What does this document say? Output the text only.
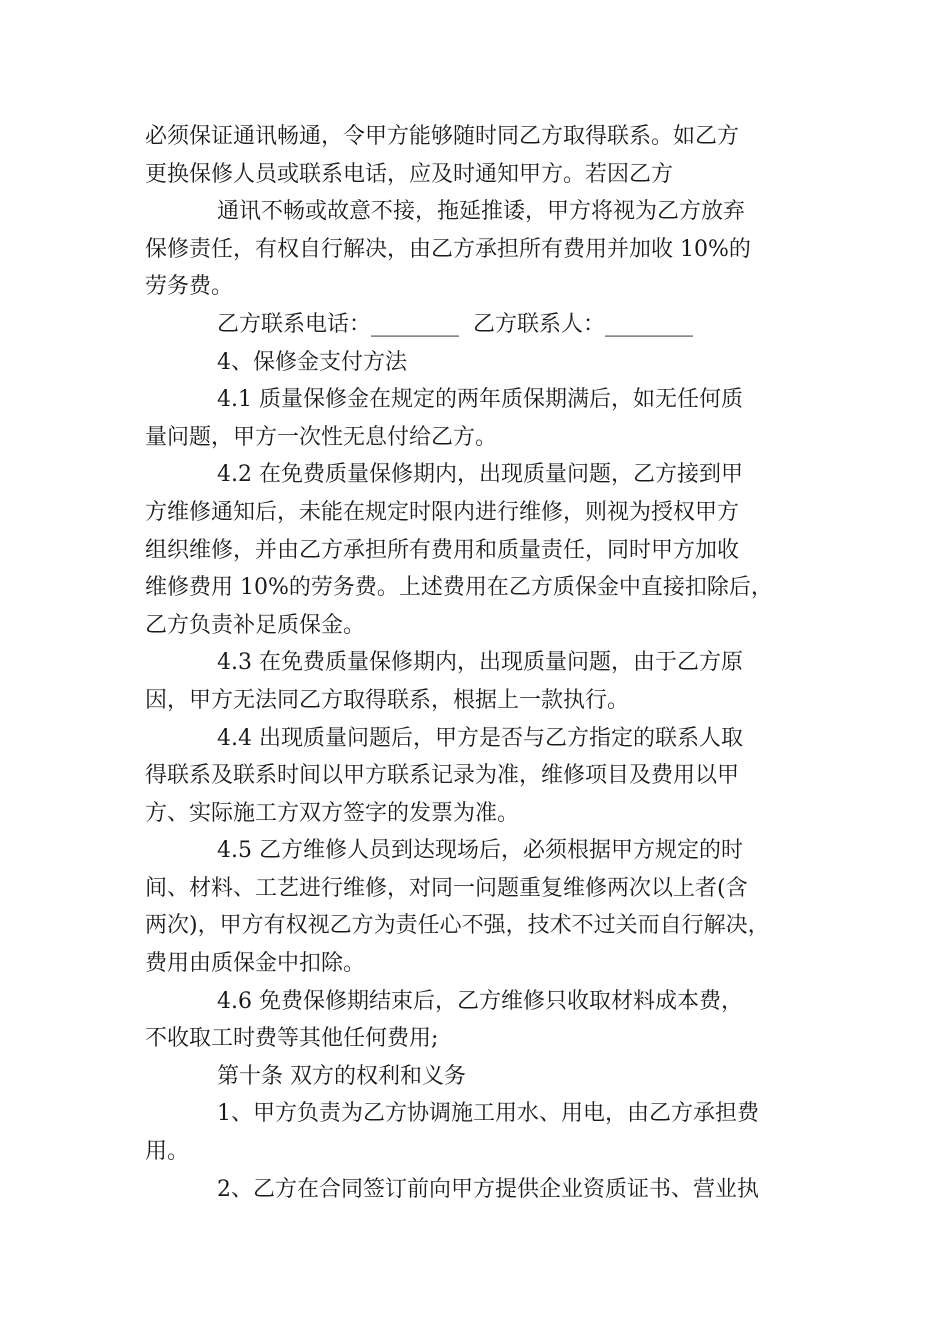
必须保证通讯畅通，令甲方能够随时同乙方取得联系。如乙方
更换保修人员或联系电话，应及时通知甲方。若因乙方
通讯不畅或故意不接，拖延推诿，甲方将视为乙方放弃
保修责任，有权自行解决，由乙方承担所有费用并加收 10%的
劳务费。
乙方联系电话：________  乙方联系人：________
4、保修金支付方法
4.1 质量保修金在规定的两年质保期满后，如无任何质
量问题，甲方一次性无息付给乙方。
4.2 在免费质量保修期内，出现质量问题，乙方接到甲
方维修通知后，未能在规定时限内进行维修，则视为授权甲方
组织维修，并由乙方承担所有费用和质量责任，同时甲方加收
维修费用 10%的劳务费。上述费用在乙方质保金中直接扣除后，
乙方负责补足质保金。
4.3 在免费质量保修期内，出现质量问题，由于乙方原
因，甲方无法同乙方取得联系，根据上一款执行。
4.4 出现质量问题后，甲方是否与乙方指定的联系人取
得联系及联系时间以甲方联系记录为准，维修项目及费用以甲
方、实际施工方双方签字的发票为准。
4.5 乙方维修人员到达现场后，必须根据甲方规定的时
间、材料、工艺进行维修，对同一问题重复维修两次以上者(含
两次)，甲方有权视乙方为责任心不强，技术不过关而自行解决，
费用由质保金中扣除。
4.6 免费保修期结束后，乙方维修只收取材料成本费，
不收取工时费等其他任何费用;
第十条 双方的权利和义务
1、甲方负责为乙方协调施工用水、用电，由乙方承担费
用。
2、乙方在合同签订前向甲方提供企业资质证书、营业执
